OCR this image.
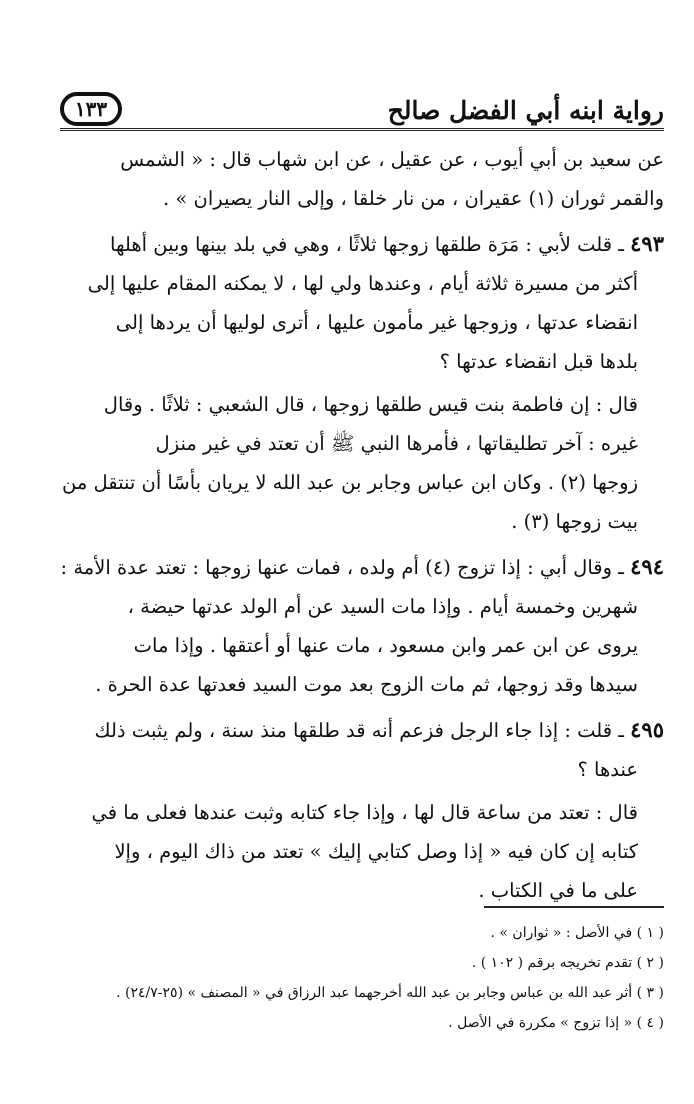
رواية ابنه أبي الفضل صالح
١٣٣

عن سعيد بن أبي أيوب ، عن عقيل ، عن ابن شهاب قال : « الشمس
والقمر ثوران (١) عقيران ، من نار خلقا ، وإلى النار يصيران » .

٤٩٣ ـ قلت لأبي : مَرَة طلقها زوجها ثلاثًا ، وهي في بلد بينها وبين أهلها
أكثر من مسيرة ثلاثة أيام ، وعندها ولي لها ، لا يمكنه المقام عليها إلى
انقضاء عدتها ، وزوجها غير مأمون عليها ، أترى لوليها أن يردها إلى
بلدها قبل انقضاء عدتها ؟
قال : إن فاطمة بنت قيس طلقها زوجها ، قال الشعبي : ثلاثًا . وقال
غيره : آخر تطليقاتها ، فأمرها النبي ﷺ أن تعتد في غير منزل
زوجها (٢) . وكان ابن عباس وجابر بن عبد الله لا يريان بأسًا أن تنتقل من
بيت زوجها (٣) .
٤٩٤ ـ وقال أبي : إذا تزوج (٤) أم ولده ، فمات عنها زوجها : تعتد عدة الأمة :
شهرين وخمسة أيام . وإذا مات السيد عن أم الولد عدتها حيضة ،
يروى عن ابن عمر وابن مسعود ، مات عنها أو أعتقها . وإذا مات
سيدها وقد زوجها، ثم مات الزوج بعد موت السيد فعدتها عدة الحرة .
٤٩٥ ـ قلت : إذا جاء الرجل فزعم أنه قد طلقها منذ سنة ، ولم يثبت ذلك
عندها ؟
قال : تعتد من ساعة قال لها ، وإذا جاء كتابه وثبت عندها فعلى ما في
كتابه إن كان فيه « إذا وصل كتابي إليك » تعتد من ذاك اليوم ، وإلا
على ما في الكتاب .
( ١ ) في الأصل : « ثواران » .
( ٢ ) تقدم تخريجه برقم ( ١٠٢ ) .
( ٣ ) أثر عبد الله بن عباس وجابر بن عبد الله أخرجهما عبد الرزاق في « المصنف » (٢٥-٢٤/٧) .
( ٤ ) « إذا تزوج » مكررة في الأصل .
